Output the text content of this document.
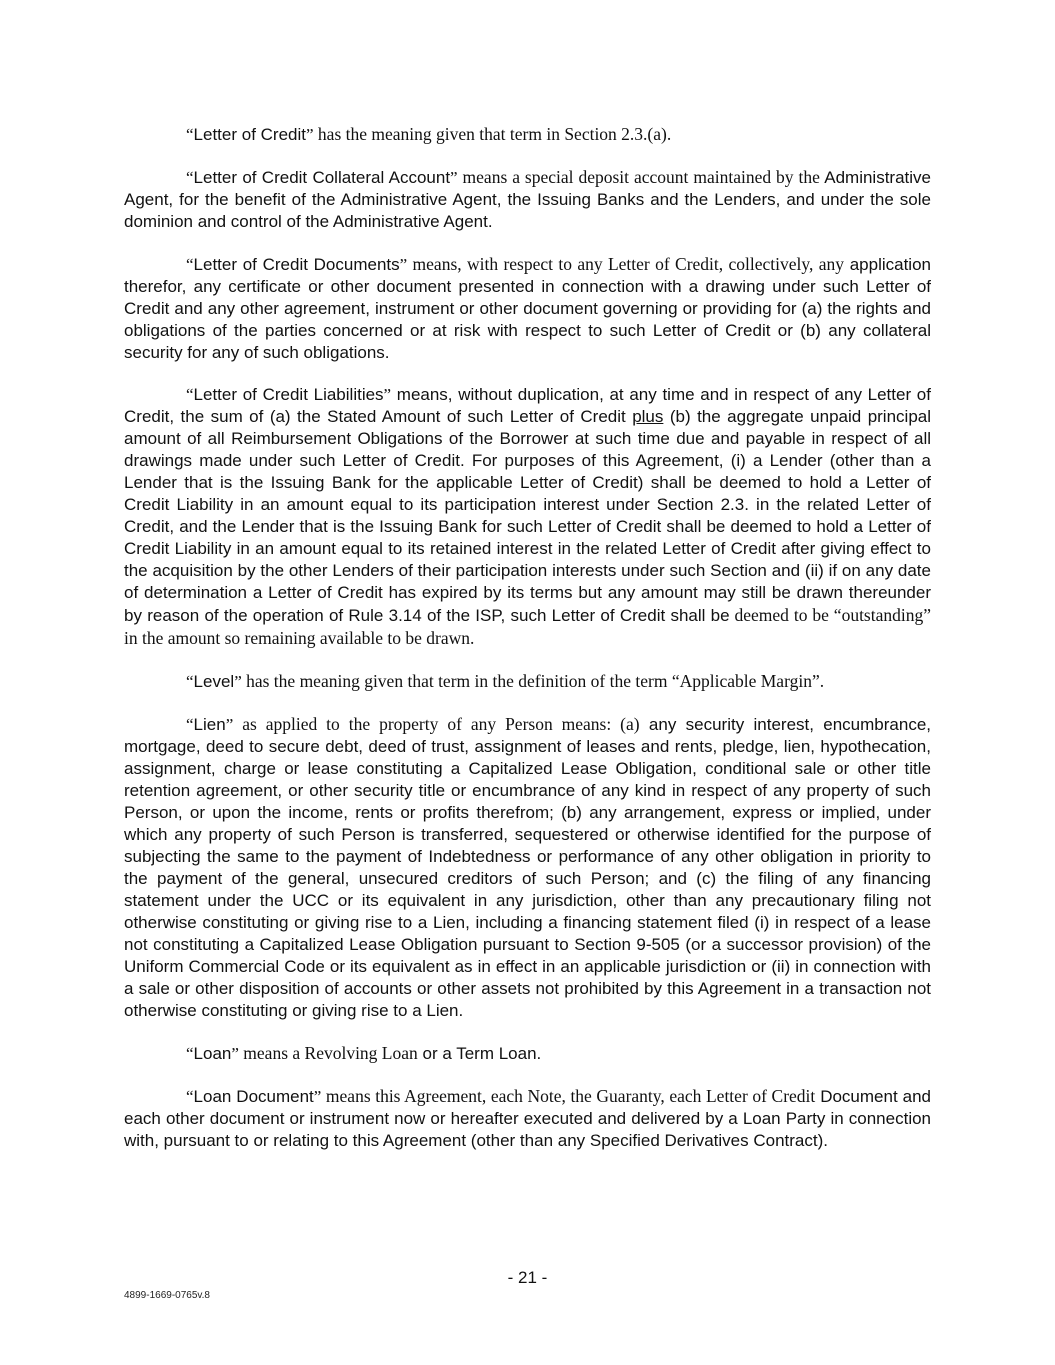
“Letter of Credit” has the meaning given that term in Section 2.3.(a).

“Letter of Credit Collateral Account” means a special deposit account maintained by the Administrative Agent, for the benefit of the Administrative Agent, the Issuing Banks and the Lenders, and under the sole dominion and control of the Administrative Agent.

“Letter of Credit Documents” means, with respect to any Letter of Credit, collectively, any application therefor, any certificate or other document presented in connection with a drawing under such Letter of Credit and any other agreement, instrument or other document governing or providing for (a) the rights and obligations of the parties concerned or at risk with respect to such Letter of Credit or (b) any collateral security for any of such obligations.

“Letter of Credit Liabilities” means, without duplication, at any time and in respect of any Letter of Credit, the sum of (a) the Stated Amount of such Letter of Credit plus (b) the aggregate unpaid principal amount of all Reimbursement Obligations of the Borrower at such time due and payable in respect of all drawings made under such Letter of Credit. For purposes of this Agreement, (i) a Lender (other than a Lender that is the Issuing Bank for the applicable Letter of Credit) shall be deemed to hold a Letter of Credit Liability in an amount equal to its participation interest under Section 2.3. in the related Letter of Credit, and the Lender that is the Issuing Bank for such Letter of Credit shall be deemed to hold a Letter of Credit Liability in an amount equal to its retained interest in the related Letter of Credit after giving effect to the acquisition by the other Lenders of their participation interests under such Section and (ii) if on any date of determination a Letter of Credit has expired by its terms but any amount may still be drawn thereunder by reason of the operation of Rule 3.14 of the ISP, such Letter of Credit shall be deemed to be “outstanding” in the amount so remaining available to be drawn.

“Level” has the meaning given that term in the definition of the term “Applicable Margin”.

“Lien” as applied to the property of any Person means: (a) any security interest, encumbrance, mortgage, deed to secure debt, deed of trust, assignment of leases and rents, pledge, lien, hypothecation, assignment, charge or lease constituting a Capitalized Lease Obligation, conditional sale or other title retention agreement, or other security title or encumbrance of any kind in respect of any property of such Person, or upon the income, rents or profits therefrom; (b) any arrangement, express or implied, under which any property of such Person is transferred, sequestered or otherwise identified for the purpose of subjecting the same to the payment of Indebtedness or performance of any other obligation in priority to the payment of the general, unsecured creditors of such Person; and (c) the filing of any financing statement under the UCC or its equivalent in any jurisdiction, other than any precautionary filing not otherwise constituting or giving rise to a Lien, including a financing statement filed (i) in respect of a lease not constituting a Capitalized Lease Obligation pursuant to Section 9-505 (or a successor provision) of the Uniform Commercial Code or its equivalent as in effect in an applicable jurisdiction or (ii) in connection with a sale or other disposition of accounts or other assets not prohibited by this Agreement in a transaction not otherwise constituting or giving rise to a Lien.

“Loan” means a Revolving Loan or a Term Loan.

“Loan Document” means this Agreement, each Note, the Guaranty, each Letter of Credit Document and each other document or instrument now or hereafter executed and delivered by a Loan Party in connection with, pursuant to or relating to this Agreement (other than any Specified Derivatives Contract).

- 21 -
4899-1669-0765v.8
